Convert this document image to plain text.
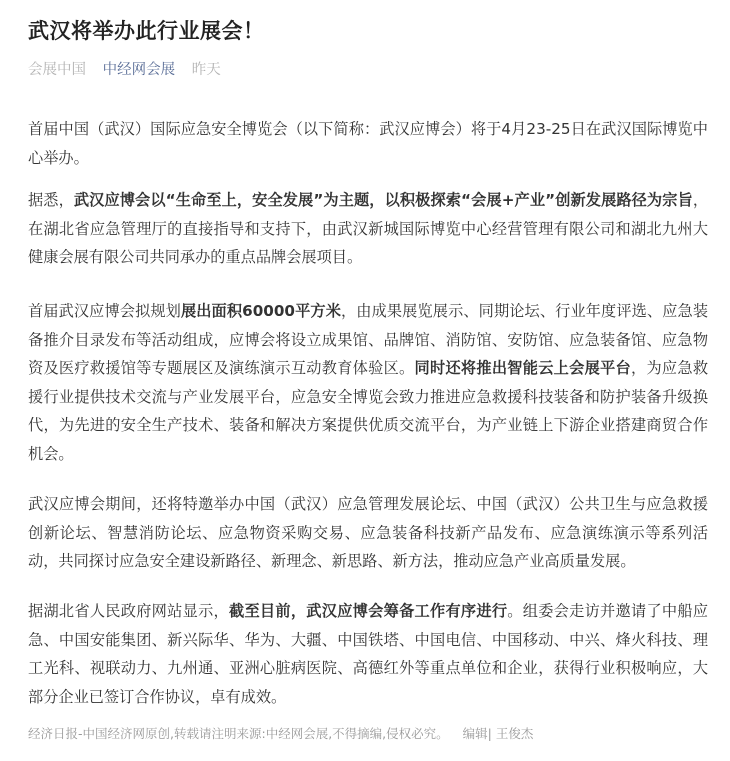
武汉将举办此行业展会！
会展中国 中经网会展 昨天

首届中国（武汉）国际应急安全博览会（以下简称：武汉应博会）将于4月23-25日在武汉国际博览中心举办。

据悉，武汉应博会以“生命至上，安全发展”为主题，以积极探索“会展+产业”创新发展路径为宗旨，在湖北省应急管理厅的直接指导和支持下，由武汉新城国际博览中心经营管理有限公司和湖北九州大健康会展有限公司共同承办的重点品牌会展项目。

首届武汉应博会拟规划展出面积60000平方米，由成果展览展示、同期论坛、行业年度评选、应急装备推介目录发布等活动组成，应博会将设立成果馆、品牌馆、消防馆、安防馆、应急装备馆、应急物资及医疗救援馆等专题展区及演练演示互动教育体验区。同时还将推出智能云上会展平台，为应急救援行业提供技术交流与产业发展平台，应急安全博览会致力推进应急救援科技装备和防护装备升级换代，为先进的安全生产技术、装备和解决方案提供优质交流平台，为产业链上下游企业搭建商贸合作机会。

武汉应博会期间，还将特邀举办中国（武汉）应急管理发展论坛、中国（武汉）公共卫生与应急救援创新论坛、智慧消防论坛、应急物资采购交易、应急装备科技新产品发布、应急演练演示等系列活动，共同探讨应急安全建设新路径、新理念、新思路、新方法，推动应急产业高质量发展。

据湖北省人民政府网站显示，截至目前，武汉应博会筹备工作有序进行。组委会走访并邀请了中船应急、中国安能集团、新兴际华、华为、大疆、中国铁塔、中国电信、中国移动、中兴、烽火科技、理工光科、视联动力、九州通、亚洲心脏病医院、高德红外等重点单位和企业，获得行业积极响应，大部分企业已签订合作协议，卓有成效。

经济日报-中国经济网原创,转载请注明来源:中经网会展,不得摘编,侵权必究。 编辑| 王俊杰
